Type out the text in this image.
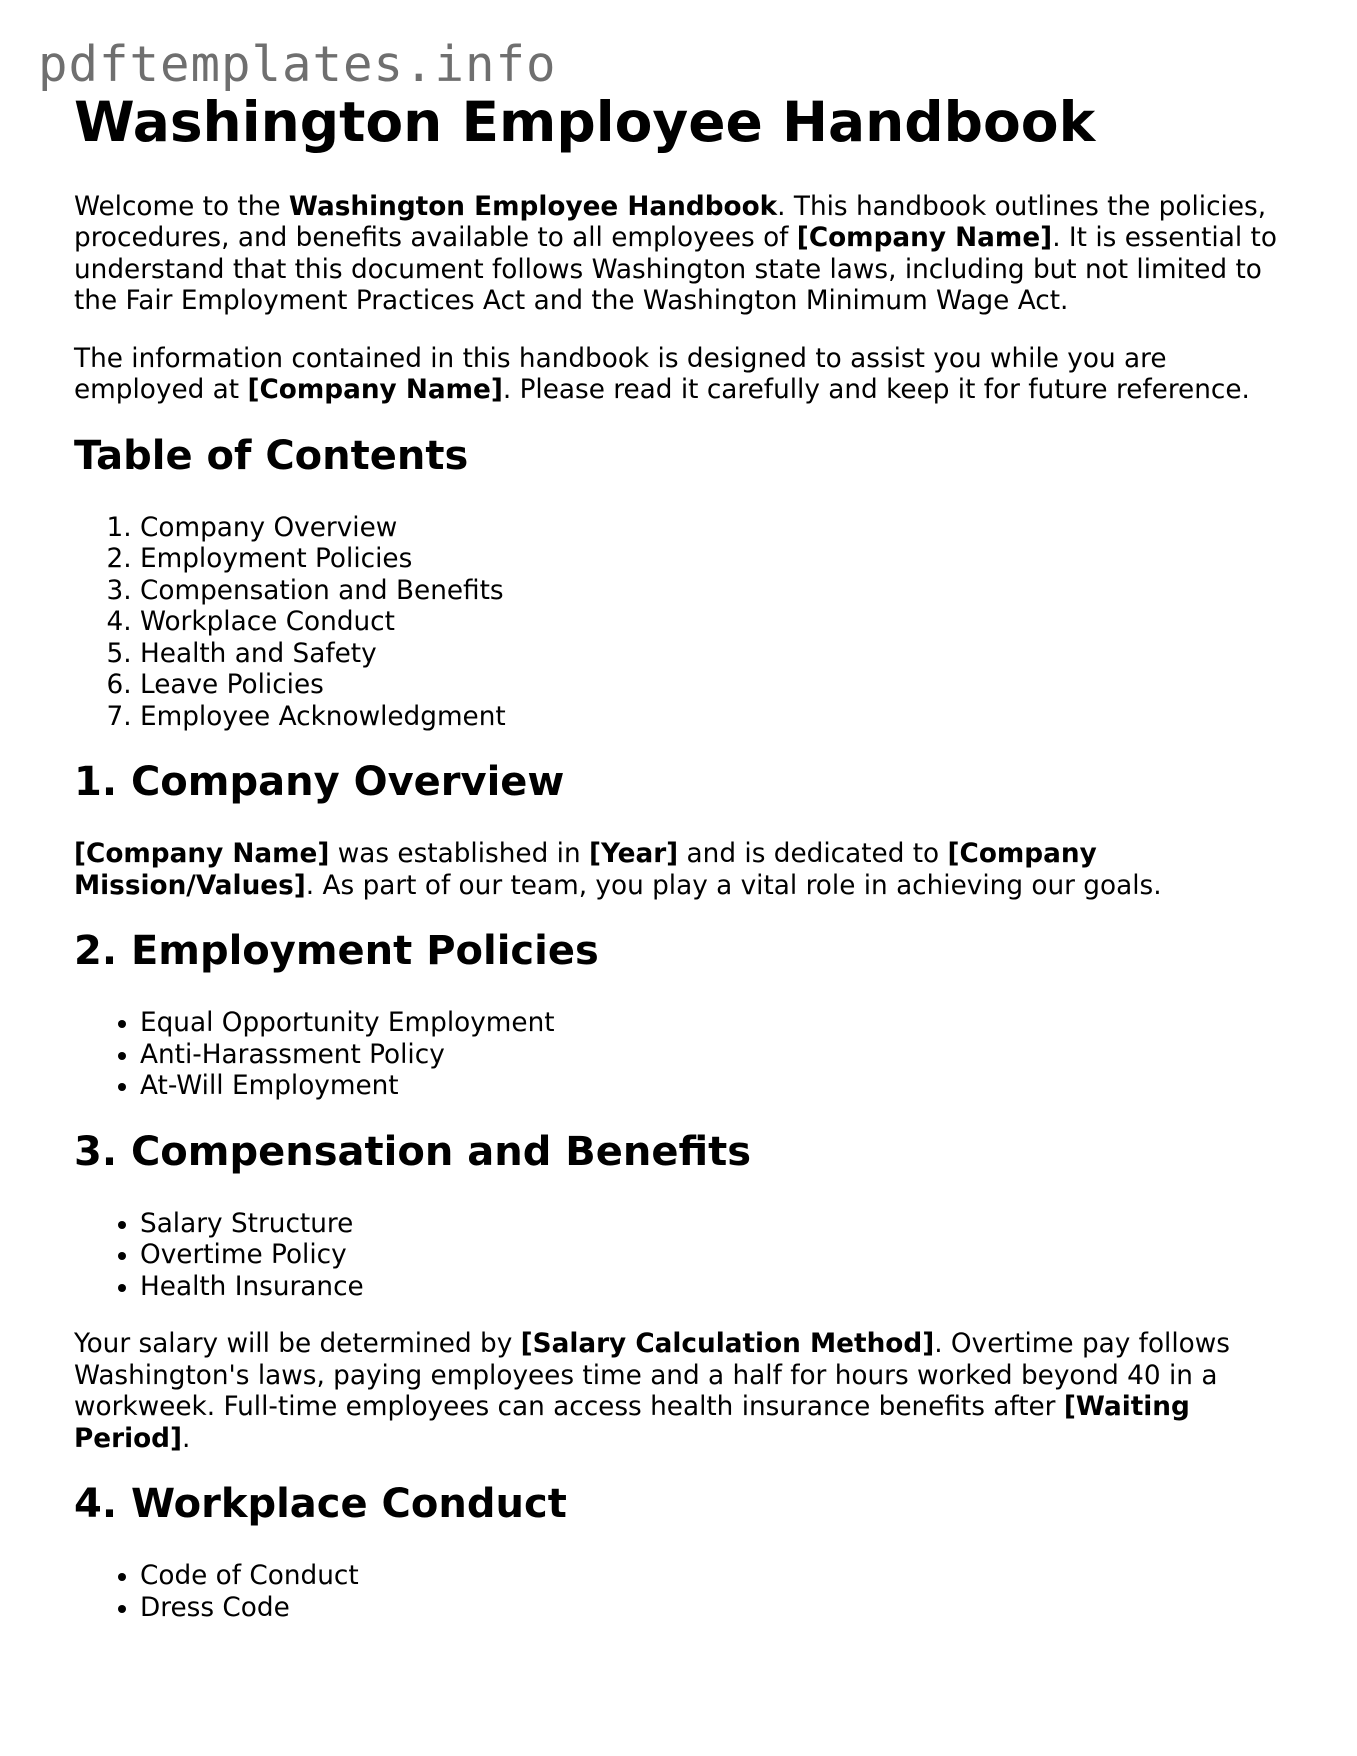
pdftemplates.info
Washington Employee Handbook

Welcome to the Washington Employee Handbook. This handbook outlines the policies, procedures, and benefits available to all employees of [Company Name]. It is essential to understand that this document follows Washington state laws, including but not limited to the Fair Employment Practices Act and the Washington Minimum Wage Act.

The information contained in this handbook is designed to assist you while you are employed at [Company Name]. Please read it carefully and keep it for future reference.

Table of Contents
1. Company Overview
2. Employment Policies
3. Compensation and Benefits
4. Workplace Conduct
5. Health and Safety
6. Leave Policies
7. Employee Acknowledgment
1. Company Overview

[Company Name] was established in [Year] and is dedicated to [Company Mission/Values]. As part of our team, you play a vital role in achieving our goals.

2. Employment Policies
• Equal Opportunity Employment
• Anti-Harassment Policy
• At-Will Employment
3. Compensation and Benefits
• Salary Structure
• Overtime Policy
• Health Insurance

Your salary will be determined by [Salary Calculation Method]. Overtime pay follows Washington's laws, paying employees time and a half for hours worked beyond 40 in a workweek. Full-time employees can access health insurance benefits after [Waiting Period].

4. Workplace Conduct
• Code of Conduct
• Dress Code
